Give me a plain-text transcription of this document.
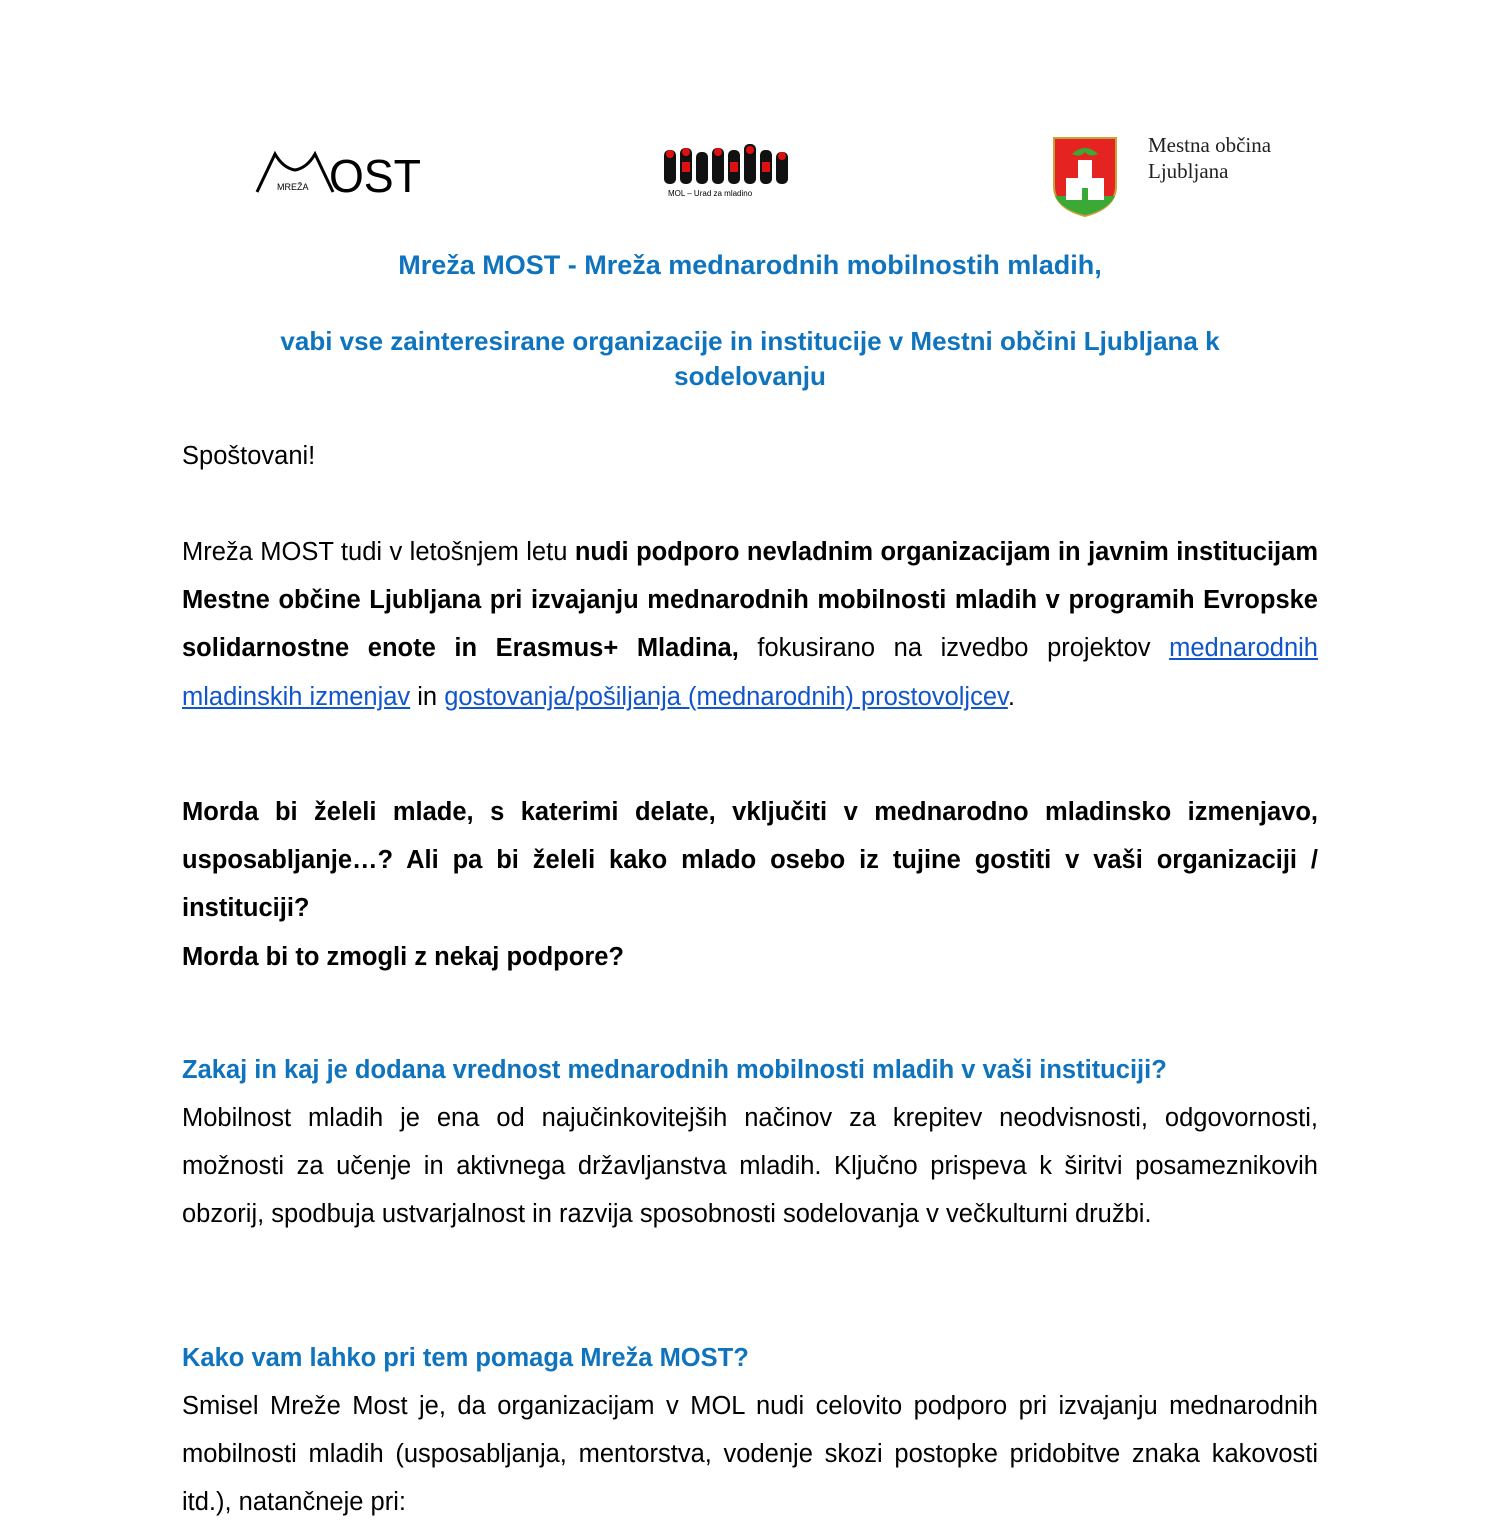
MREŽA OST	MOL – Urad za mladino
Mestna občina
Ljubljana
Mreža MOST - Mreža mednarodnih mobilnostih mladih,
vabi vse zainteresirane organizacije in institucije v Mestni občini Ljubljana k sodelovanju
Spoštovani!
Mreža MOST tudi v letošnjem letu nudi podporo nevladnim organizacijam in javnim institucijam Mestne občine Ljubljana pri izvajanju mednarodnih mobilnosti mladih v programih Evropske solidarnostne enote in Erasmus+ Mladina, fokusirano na izvedbo projektov mednarodnih mladinskih izmenjav in gostovanja/pošiljanja (mednarodnih) prostovoljcev.
Morda bi želeli mlade, s katerimi delate, vključiti v mednarodno mladinsko izmenjavo, usposabljanje…? Ali pa bi želeli kako mlado osebo iz tujine gostiti v vaši organizaciji / instituciji?
Morda bi to zmogli z nekaj podpore?
Zakaj in kaj je dodana vrednost mednarodnih mobilnosti mladih v vaši instituciji?
Mobilnost mladih je ena od najučinkovitejših načinov za krepitev neodvisnosti, odgovornosti, možnosti za učenje in aktivnega državljanstva mladih. Ključno prispeva k širitvi posameznikovih obzorij, spodbuja ustvarjalnost in razvija sposobnosti sodelovanja v večkulturni družbi.
Kako vam lahko pri tem pomaga Mreža MOST?
Smisel Mreže Most je, da organizacijam v MOL nudi celovito podporo pri izvajanju mednarodnih mobilnosti mladih (usposabljanja, mentorstva, vodenje skozi postopke pridobitve znaka kakovosti itd.), natančneje pri:
